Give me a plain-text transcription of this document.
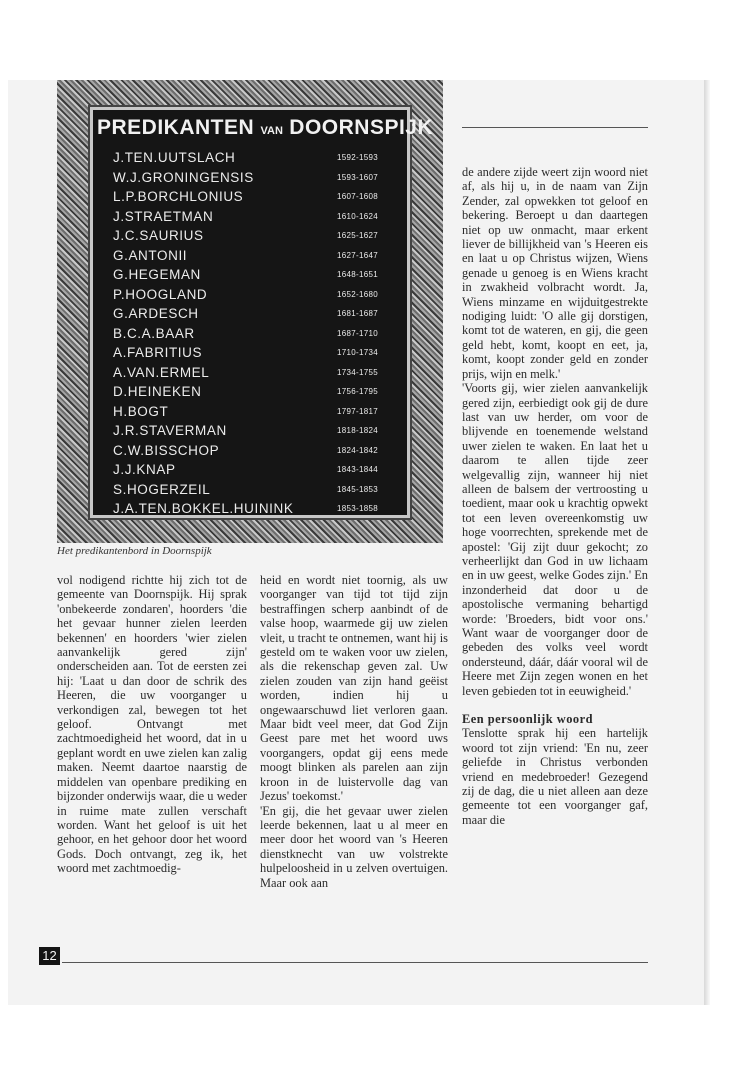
PREDIKANTEN VAN DOORNSPIJK
J.TEN.UUTSLACH	1592-1593
W.J.GRONINGENSIS	1593-1607
L.P.BORCHLONIUS	1607-1608
J.STRAETMAN	1610-1624
J.C.SAURIUS	1625-1627
G.ANTONII	1627-1647
G.HEGEMAN	1648-1651
P.HOOGLAND	1652-1680
G.ARDESCH	1681-1687
B.C.A.BAAR	1687-1710
A.FABRITIUS	1710-1734
A.VAN.ERMEL	1734-1755
D.HEINEKEN	1756-1795
H.BOGT	1797-1817
J.R.STAVERMAN	1818-1824
C.W.BISSCHOP	1824-1842
J.J.KNAP	1843-1844
S.HOGERZEIL	1845-1853
J.A.TEN.BOKKEL.HUININK	1853-1858
Het predikantenbord in Doornspijk

vol nodigend richtte hij zich tot de gemeente van Doornspijk. Hij sprak 'onbekeerde zondaren', hoorders 'die het gevaar hunner zielen leerden bekennen' en hoorders 'wier zielen aanvankelijk gered zijn' onderscheiden aan. Tot de eersten zei hij: 'Laat u dan door de schrik des Heeren, die uw voorganger u verkondigen zal, bewegen tot het geloof. Ontvangt met zachtmoedigheid het woord, dat in u geplant wordt en uwe zielen kan zalig maken. Neemt daartoe naarstig de middelen van openbare prediking en bijzonder onderwijs waar, die u weder in ruime mate zullen verschaft worden. Want het geloof is uit het gehoor, en het gehoor door het woord Gods. Doch ontvangt, zeg ik, het woord met zachtmoedig-

heid en wordt niet toornig, als uw voorganger van tijd tot tijd zijn bestraffingen scherp aanbindt of de valse hoop, waarmede gij uw zielen vleit, u tracht te ontnemen, want hij is gesteld om te waken voor uw zielen, als die rekenschap geven zal. Uw zielen zouden van zijn hand geëist worden, indien hij u ongewaarschuwd liet verloren gaan. Maar bidt veel meer, dat God Zijn Geest pare met het woord uws voorgangers, opdat gij eens mede moogt blinken als parelen aan zijn kroon in de luistervolle dag van Jezus' toekomst.'

'En gij, die het gevaar uwer zielen leerde bekennen, laat u al meer en meer door het woord van 's Heeren dienstknecht van uw volstrekte hulpeloosheid in u zelven overtuigen. Maar ook aan

de andere zijde weert zijn woord niet af, als hij u, in de naam van Zijn Zender, zal opwekken tot geloof en bekering. Beroept u dan daartegen niet op uw onmacht, maar erkent liever de billijkheid van 's Heeren eis en laat u op Christus wijzen, Wiens genade u genoeg is en Wiens kracht in zwakheid volbracht wordt. Ja, Wiens minzame en wijduitgestrekte nodiging luidt: 'O alle gij dorstigen, komt tot de wateren, en gij, die geen geld hebt, komt, koopt en eet, ja, komt, koopt zonder geld en zonder prijs, wijn en melk.'

'Voorts gij, wier zielen aanvankelijk gered zijn, eerbiedigt ook gij de dure last van uw herder, om voor de blijvende en toenemende welstand uwer zielen te waken. En laat het u daarom te allen tijde zeer welgevallig zijn, wanneer hij niet alleen de balsem der vertroosting u toedient, maar ook u krachtig opwekt tot een leven overeenkomstig uw hoge voorrechten, sprekende met de apostel: 'Gij zijt duur gekocht; zo verheerlijkt dan God in uw lichaam en in uw geest, welke Godes zijn.' En inzonderheid dat door u de apostolische vermaning behartigd worde: 'Broeders, bidt voor ons.' Want waar de voorganger door de gebeden des volks veel wordt ondersteund, dáár, dáár vooral wil de Heere met Zijn zegen wonen en het leven gebieden tot in eeuwigheid.'

Een persoonlijk woord

Tenslotte sprak hij een hartelijk woord tot zijn vriend: 'En nu, zeer geliefde in Christus verbonden vriend en medebroeder! Gezegend zij de dag, die u niet alleen aan deze gemeente tot een voorganger gaf, maar die

12
